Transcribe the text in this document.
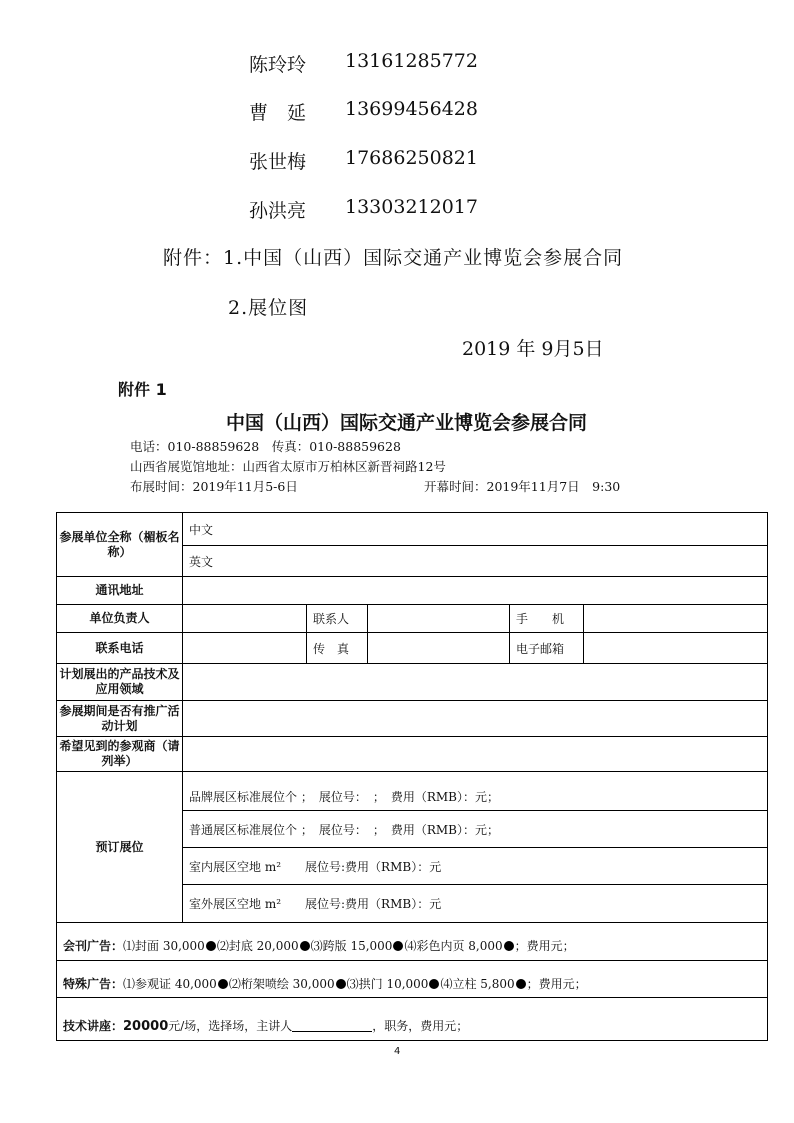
陈玲玲 13161285772
曹　延 13699456428
张世梅 17686250821
孙洪亮 13303212017
附件：1.中国（山西）国际交通产业博览会参展合同
2.展位图
2019 年 9月5日
附件 1
中国（山西）国际交通产业博览会参展合同
电话：010-88859628　传真：010-88859628
山西省展览馆地址：山西省太原市万柏林区新晋祠路12号
布展时间：2019年11月5-6日	开幕时间：2019年11月7日　9:30
参展单位全称（楣板名称）	中文				
	英文				
通讯地址					
单位负责人		联系人		手　　机	
联系电话		传　真		电子邮箱	
计划展出的产品技术及应用领域					
参展期间是否有推广活动计划					
希望见到的参观商（请列举）					
预订展位	品牌展区标准展位个 ；　展位号：　；　费用（RMB）：元；				
	普通展区标准展位个 ；　展位号：　；　费用（RMB）：元；				
	室内展区空地 m²　　展位号:费用（RMB）：元				
	室外展区空地 m²　　展位号:费用（RMB）：元				
会刊广告：⑴封面 30,000 ⑵封底 20,000 ⑶跨版 15,000 ⑷彩色内页 8,000 ；费用元；					
特殊广告：⑴参观证 40,000 ⑵桁架喷绘 30,000 ⑶拱门 10,000 ⑷立柱 5,800 ；费用元；					
技术讲座：20000元/场，选择场，主讲人 ，职务，费用元；					
4
